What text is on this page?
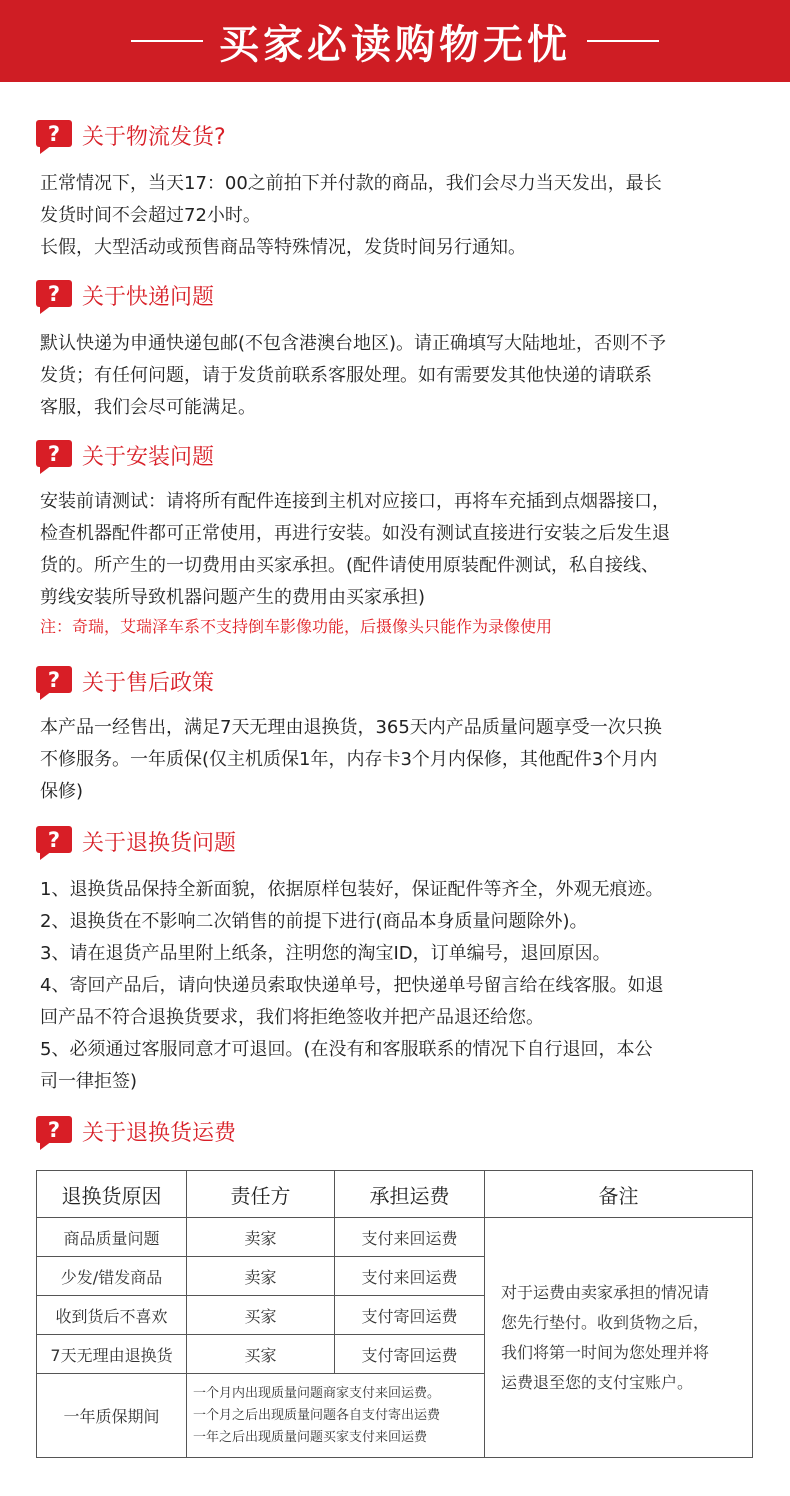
买家必读购物无忧
? 关于物流发货?
正常情况下，当天17：00之前拍下并付款的商品，我们会尽力当天发出，最长
发货时间不会超过72小时。
长假，大型活动或预售商品等特殊情况，发货时间另行通知。
? 关于快递问题
默认快递为申通快递包邮(不包含港澳台地区)。请正确填写大陆地址，否则不予
发货；有任何问题，请于发货前联系客服处理。如有需要发其他快递的请联系
客服，我们会尽可能满足。
? 关于安装问题
安装前请测试：请将所有配件连接到主机对应接口，再将车充插到点烟器接口，
检查机器配件都可正常使用，再进行安装。如没有测试直接进行安装之后发生退
货的。所产生的一切费用由买家承担。(配件请使用原装配件测试，私自接线、
剪线安装所导致机器问题产生的费用由买家承担)
注：奇瑞，艾瑞泽车系不支持倒车影像功能，后摄像头只能作为录像使用
? 关于售后政策
本产品一经售出，满足7天无理由退换货，365天内产品质量问题享受一次只换
不修服务。一年质保(仅主机质保1年，内存卡3个月内保修，其他配件3个月内
保修)
? 关于退换货问题
1、退换货品保持全新面貌，依据原样包装好，保证配件等齐全，外观无痕迹。
2、退换货在不影响二次销售的前提下进行(商品本身质量问题除外)。
3、请在退货产品里附上纸条，注明您的淘宝ID，订单编号，退回原因。
4、寄回产品后，请向快递员索取快递单号，把快递单号留言给在线客服。如退
回产品不符合退换货要求，我们将拒绝签收并把产品退还给您。
5、必须通过客服同意才可退回。(在没有和客服联系的情况下自行退回，本公
司一律拒签)
? 关于退换货运费
退换货原因	责任方	承担运费	备注
商品质量问题	卖家	支付来回运费	对于运费由卖家承担的情况请
您先行垫付。收到货物之后，
我们将第一时间为您处理并将
运费退至您的支付宝账户。

少发/错发商品	卖家	支付来回运费	
收到货后不喜欢	买家	支付寄回运费	
7天无理由退换货	买家	支付寄回运费	
一年质保期间	一个月内出现质量问题商家支付来回运费。
一个月之后出现质量问题各自支付寄出运费
一年之后出现质量问题买家支付来回运费		
